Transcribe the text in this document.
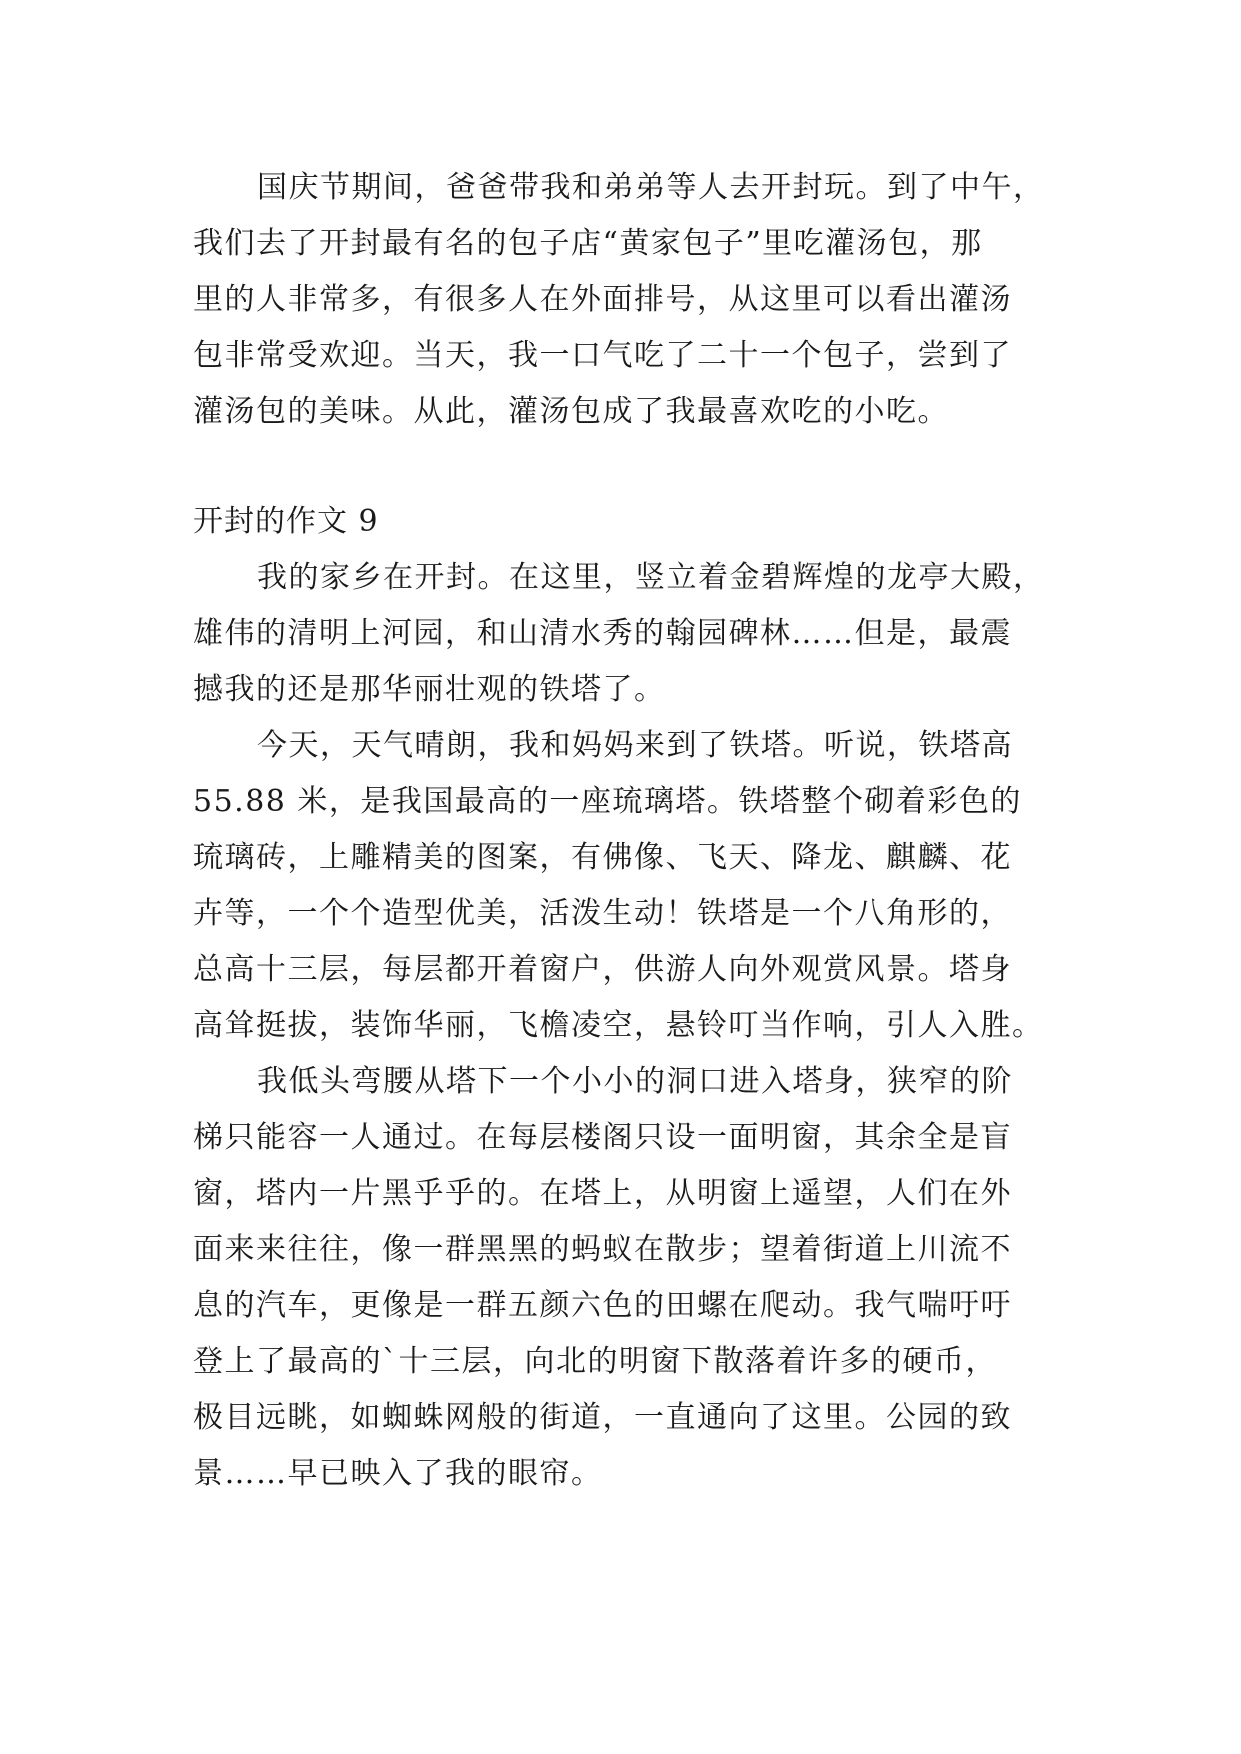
国庆节期间，爸爸带我和弟弟等人去开封玩。到了中午，
我们去了开封最有名的包子店“黄家包子”里吃灌汤包，那
里的人非常多，有很多人在外面排号，从这里可以看出灌汤
包非常受欢迎。当天，我一口气吃了二十一个包子，尝到了
灌汤包的美味。从此，灌汤包成了我最喜欢吃的小吃。
开封的作文 9
我的家乡在开封。在这里，竖立着金碧辉煌的龙亭大殿，
雄伟的清明上河园，和山清水秀的翰园碑林……但是，最震
撼我的还是那华丽壮观的铁塔了。
今天，天气晴朗，我和妈妈来到了铁塔。听说，铁塔高
55.88 米，是我国最高的一座琉璃塔。铁塔整个砌着彩色的
琉璃砖，上雕精美的图案，有佛像、飞天、降龙、麒麟、花
卉等，一个个造型优美，活泼生动！铁塔是一个八角形的，
总高十三层，每层都开着窗户，供游人向外观赏风景。塔身
高耸挺拔，装饰华丽，飞檐凌空，悬铃叮当作响，引人入胜。
我低头弯腰从塔下一个小小的洞口进入塔身，狭窄的阶
梯只能容一人通过。在每层楼阁只设一面明窗，其余全是盲
窗，塔内一片黑乎乎的。在塔上，从明窗上遥望，人们在外
面来来往往，像一群黑黑的蚂蚁在散步；望着街道上川流不
息的汽车，更像是一群五颜六色的田螺在爬动。我气喘吁吁
登上了最高的`十三层，向北的明窗下散落着许多的硬币，
极目远眺，如蜘蛛网般的街道，一直通向了这里。公园的致
景……早已映入了我的眼帘。
